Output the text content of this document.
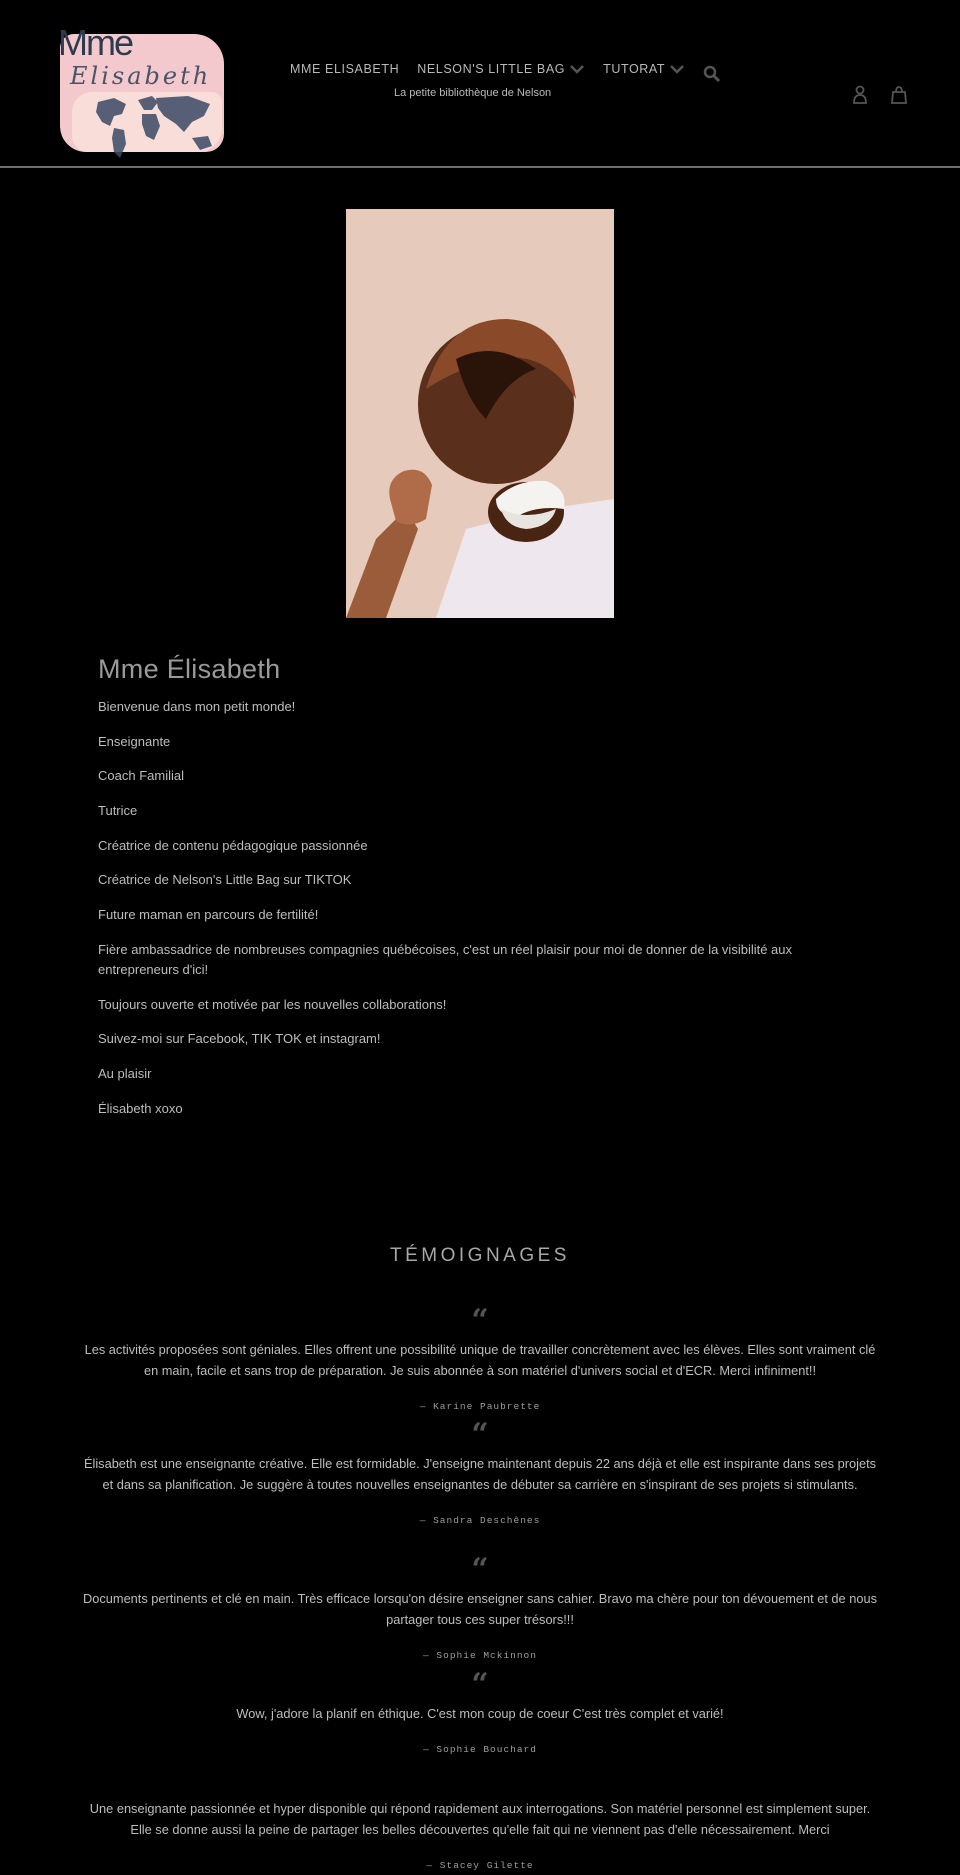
Mme
Elisabeth	MME ELISABETH NELSON'S LITTLE BAG	TUTORAT
La petite bibliothèque de Nelson
Mme Élisabeth

Bienvenue dans mon petit monde!

Enseignante

Coach Familial

Tutrice

Créatrice de contenu pédagogique passionnée

Créatrice de Nelson's Little Bag sur TIKTOK

Future maman en parcours de fertilité!

Fière ambassadrice de nombreuses compagnies québécoises, c'est un réel plaisir pour moi de donner de la visibilité aux entrepreneurs d'ici!

Toujours ouverte et motivée par les nouvelles collaborations!

Suivez-moi sur Facebook, TIK TOK et instagram!

Au plaisir

Élisabeth xoxo

TÉMOIGNAGES
“

Les activités proposées sont géniales. Elles offrent une possibilité unique de travailler concrètement avec les élèves. Elles sont vraiment clé en main, facile et sans trop de préparation. Je suis abonnée à son matériel d'univers social et d'ECR. Merci infiniment!!

— Karine Paubrette

“

Élisabeth est une enseignante créative. Elle est formidable. J'enseigne maintenant depuis 22 ans déjà et elle est inspirante dans ses projets et dans sa planification. Je suggère à toutes nouvelles enseignantes de débuter sa carrière en s'inspirant de ses projets si stimulants.

— Sandra Deschênes

“

Documents pertinents et clé en main. Très efficace lorsqu'on désire enseigner sans cahier. Bravo ma chère pour ton dévouement et de nous partager tous ces super trésors!!!

— Sophie Mckinnon

“

Wow, j'adore la planif en éthique. C'est mon coup de coeur C'est très complet et varié!

— Sophie Bouchard

Une enseignante passionnée et hyper disponible qui répond rapidement aux interrogations. Son matériel personnel est simplement super. Elle se donne aussi la peine de partager les belles découvertes qu'elle fait qui ne viennent pas d'elle nécessairement. Merci

— Stacey Gilette
